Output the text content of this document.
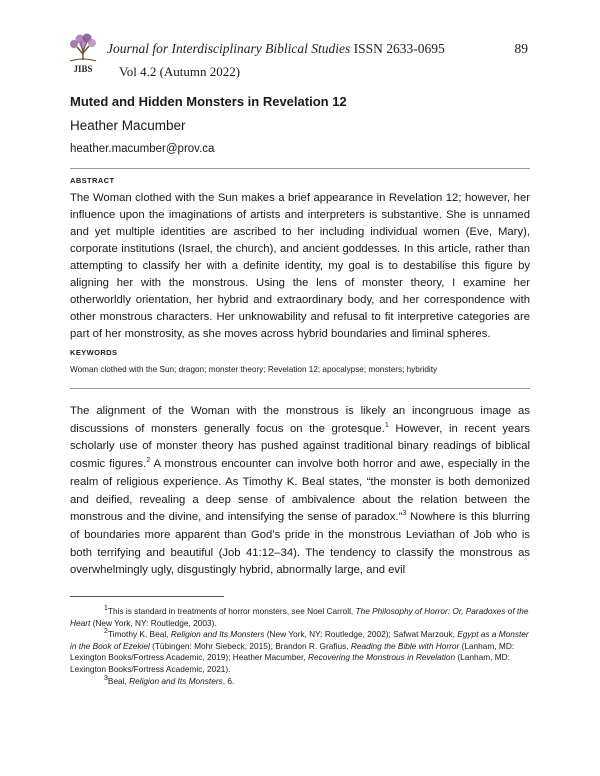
JIBS
Journal for Interdisciplinary Biblical Studies ISSN 2633-0695	89
Vol 4.2 (Autumn 2022)
Muted and Hidden Monsters in Revelation 12
Heather Macumber
heather.macumber@prov.ca
ABSTRACT
The Woman clothed with the Sun makes a brief appearance in Revelation 12; however, her influence upon the imaginations of artists and interpreters is substantive. She is unnamed and yet multiple identities are ascribed to her including individual women (Eve, Mary), corporate institutions (Israel, the church), and ancient goddesses. In this article, rather than attempting to classify her with a definite identity, my goal is to destabilise this figure by aligning her with the monstrous. Using the lens of monster theory, I examine her otherworldly orientation, her hybrid and extraordinary body, and her correspondence with other monstrous characters. Her unknowability and refusal to fit interpretive categories are part of her monstrosity, as she moves across hybrid boundaries and liminal spheres.
KEYWORDS
Woman clothed with the Sun; dragon; monster theory; Revelation 12; apocalypse; monsters; hybridity
The alignment of the Woman with the monstrous is likely an incongruous image as discussions of monsters generally focus on the grotesque.$^1$ However, in recent years scholarly use of monster theory has pushed against traditional binary readings of biblical cosmic figures.$^2$ A monstrous encounter can involve both horror and awe, especially in the realm of religious experience. As Timothy K. Beal states, “the monster is both demonized and deified, revealing a deep sense of ambivalence about the relation between the monstrous and the divine, and intensifying the sense of paradox.”$^3$ Nowhere is this blurring of boundaries more apparent than God’s pride in the monstrous Leviathan of Job who is both terrifying and beautiful (Job 41:12–34). The tendency to classify the monstrous as overwhelmingly ugly, disgustingly hybrid, abnormally large, and evil

$^1$This is standard in treatments of horror monsters, see Noel Carroll, The Philosophy of Horror: Or, Paradoxes of the Heart (New York, NY: Routledge, 2003).

$^2$Timothy K. Beal, Religion and Its Monsters (New York, NY: Routledge, 2002); Safwat Marzouk, Egypt as a Monster in the Book of Ezekiel (Tübingen: Mohr Siebeck, 2015); Brandon R. Grafius, Reading the Bible with Horror (Lanham, MD: Lexington Books/Fortress Academic, 2019); Heather Macumber, Recovering the Monstrous in Revelation (Lanham, MD: Lexington Books/Fortress Academic, 2021).

$^3$Beal, Religion and Its Monsters, 6.
